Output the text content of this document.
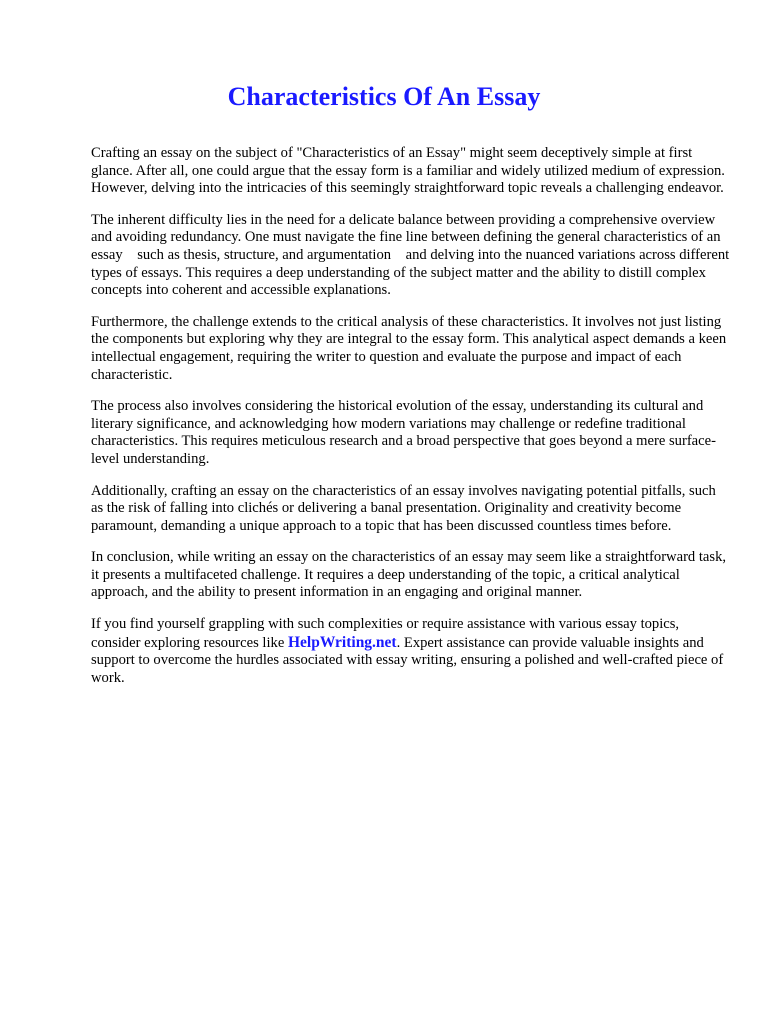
Characteristics Of An Essay

Crafting an essay on the subject of "Characteristics of an Essay" might seem deceptively simple at first glance. After all, one could argue that the essay form is a familiar and widely utilized medium of expression. However, delving into the intricacies of this seemingly straightforward topic reveals a challenging endeavor.

The inherent difficulty lies in the need for a delicate balance between providing a comprehensive overview and avoiding redundancy. One must navigate the fine line between defining the general characteristics of an essay such as thesis, structure, and argumentation and delving into the nuanced variations across different types of essays. This requires a deep understanding of the subject matter and the ability to distill complex concepts into coherent and accessible explanations.

Furthermore, the challenge extends to the critical analysis of these characteristics. It involves not just listing the components but exploring why they are integral to the essay form. This analytical aspect demands a keen intellectual engagement, requiring the writer to question and evaluate the purpose and impact of each characteristic.

The process also involves considering the historical evolution of the essay, understanding its cultural and literary significance, and acknowledging how modern variations may challenge or redefine traditional characteristics. This requires meticulous research and a broad perspective that goes beyond a mere surface-level understanding.

Additionally, crafting an essay on the characteristics of an essay involves navigating potential pitfalls, such as the risk of falling into clichés or delivering a banal presentation. Originality and creativity become paramount, demanding a unique approach to a topic that has been discussed countless times before.

In conclusion, while writing an essay on the characteristics of an essay may seem like a straightforward task, it presents a multifaceted challenge. It requires a deep understanding of the topic, a critical analytical approach, and the ability to present information in an engaging and original manner.

If you find yourself grappling with such complexities or require assistance with various essay topics, consider exploring resources like HelpWriting.net. Expert assistance can provide valuable insights and support to overcome the hurdles associated with essay writing, ensuring a polished and well-crafted piece of work.
